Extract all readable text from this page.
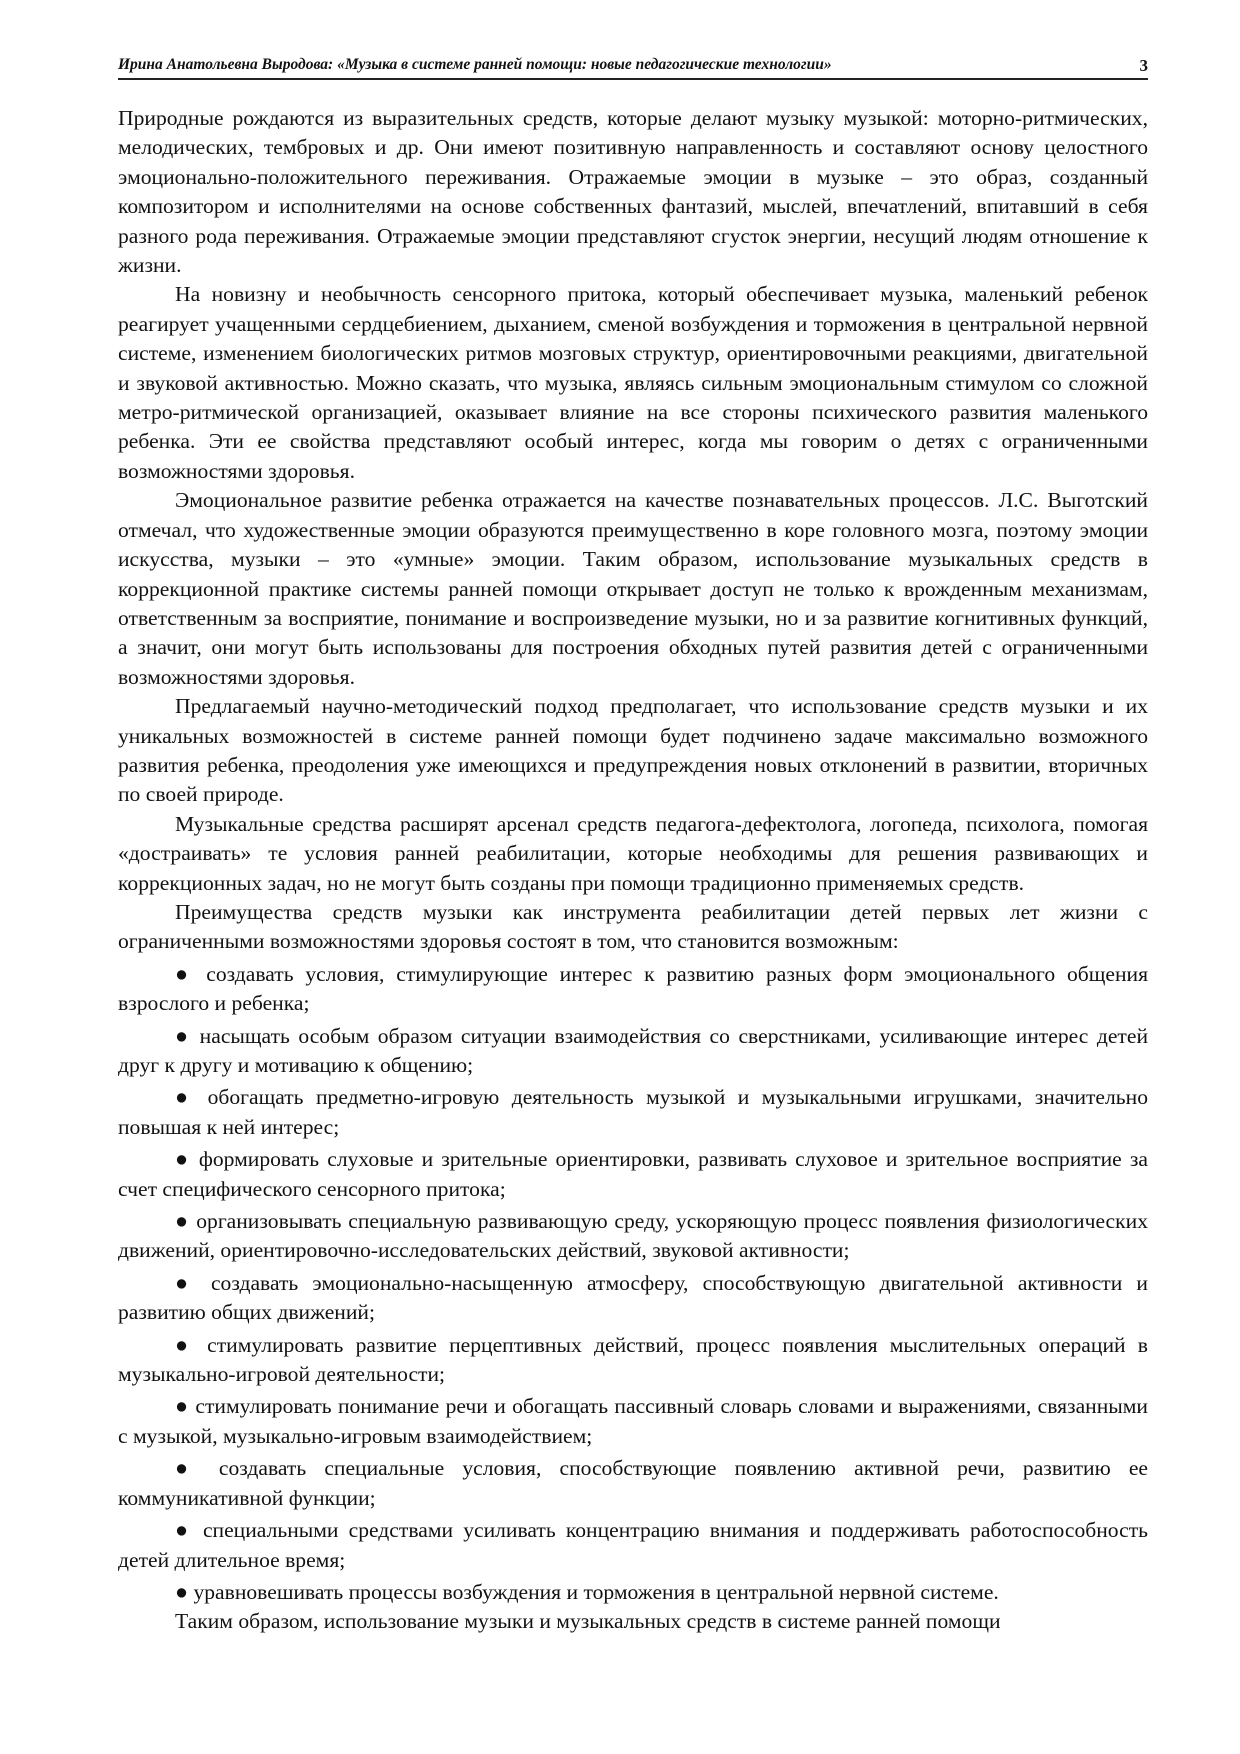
Ирина Анатольевна Выродова: «Музыка в системе ранней помощи: новые педагогические технологии»	3

Природные рождаются из выразительных средств, которые делают музыку музыкой: моторно-ритмических, мелодических, тембровых и др. Они имеют позитивную направленность и составляют основу целостного эмоционально-положительного переживания. Отражаемые эмоции в музыке – это образ, созданный композитором и исполнителями на основе собственных фантазий, мыслей, впечатлений, впитавший в себя разного рода переживания. Отражаемые эмоции представляют сгусток энергии, несущий людям отношение к жизни.

На новизну и необычность сенсорного притока, который обеспечивает музыка, маленький ребенок реагирует учащенными сердцебиением, дыханием, сменой возбуждения и торможения в центральной нервной системе, изменением биологических ритмов мозговых структур, ориентировочными реакциями, двигательной и звуковой активностью. Можно сказать, что музыка, являясь сильным эмоциональным стимулом со сложной метро-ритмической организацией, оказывает влияние на все стороны психического развития маленького ребенка. Эти ее свойства представляют особый интерес, когда мы говорим о детях с ограниченными возможностями здоровья.

Эмоциональное развитие ребенка отражается на качестве познавательных процессов. Л.С. Выготский отмечал, что художественные эмоции образуются преимущественно в коре головного мозга, поэтому эмоции искусства, музыки – это «умные» эмоции. Таким образом, использование музыкальных средств в коррекционной практике системы ранней помощи открывает доступ не только к врожденным механизмам, ответственным за восприятие, понимание и воспроизведение музыки, но и за развитие когнитивных функций, а значит, они могут быть использованы для построения обходных путей развития детей с ограниченными возможностями здоровья.

Предлагаемый научно-методический подход предполагает, что использование средств музыки и их уникальных возможностей в системе ранней помощи будет подчинено задаче максимально возможного развития ребенка, преодоления уже имеющихся и предупреждения новых отклонений в развитии, вторичных по своей природе.

Музыкальные средства расширят арсенал средств педагога-дефектолога, логопеда, психолога, помогая «достраивать» те условия ранней реабилитации, которые необходимы для решения развивающих и коррекционных задач, но не могут быть созданы при помощи традиционно применяемых средств.

Преимущества средств музыки как инструмента реабилитации детей первых лет жизни с ограниченными возможностями здоровья состоят в том, что становится возможным:

● создавать условия, стимулирующие интерес к развитию разных форм эмоционального общения взрослого и ребенка;

● насыщать особым образом ситуации взаимодействия со сверстниками, усиливающие интерес детей друг к другу и мотивацию к общению;

● обогащать предметно-игровую деятельность музыкой и музыкальными игрушками, значительно повышая к ней интерес;

● формировать слуховые и зрительные ориентировки, развивать слуховое и зрительное восприятие за счет специфического сенсорного притока;

● организовывать специальную развивающую среду, ускоряющую процесс появления физиологических движений, ориентировочно-исследовательских действий, звуковой активности;

● создавать эмоционально-насыщенную атмосферу, способствующую двигательной активности и развитию общих движений;

● стимулировать развитие перцептивных действий, процесс появления мыслительных операций в музыкально-игровой деятельности;

● стимулировать понимание речи и обогащать пассивный словарь словами и выражениями, связанными с музыкой, музыкально-игровым взаимодействием;

● создавать специальные условия, способствующие появлению активной речи, развитию ее коммуникативной функции;

● специальными средствами усиливать концентрацию внимания и поддерживать работоспособность детей длительное время;

● уравновешивать процессы возбуждения и торможения в центральной нервной системе.

Таким образом, использование музыки и музыкальных средств в системе ранней помощи
